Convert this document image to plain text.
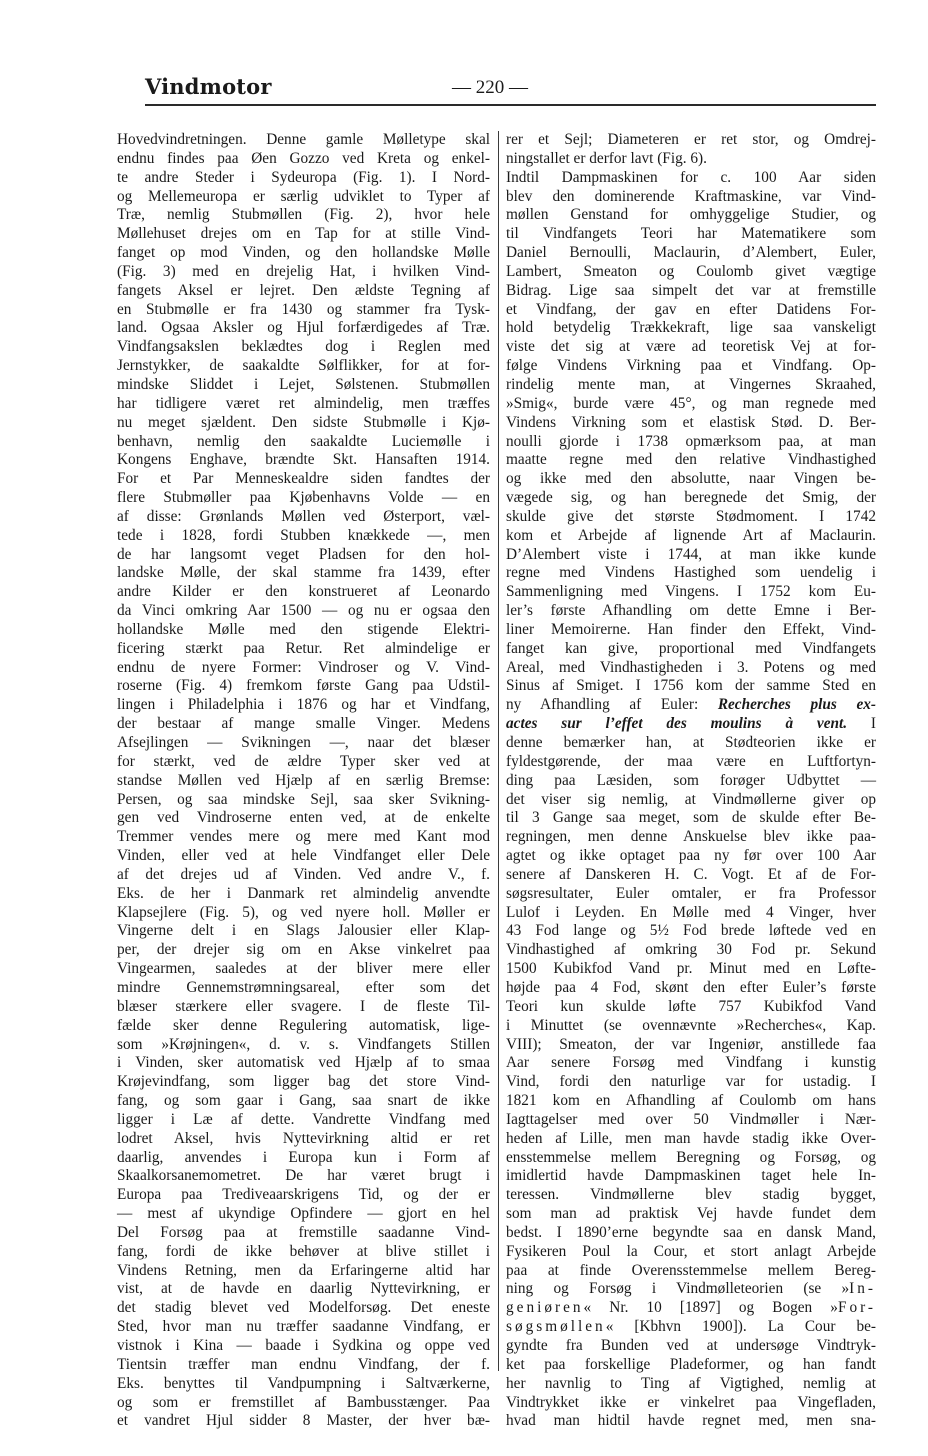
Vindmotor	— 220 —
Hovedvindretningen. Denne gamle Mølletype skal
endnu findes paa Øen Gozzo ved Kreta og enkel-
te andre Steder i Sydeuropa (Fig. 1). I Nord-
og Mellemeuropa er særlig udviklet to Typer af
Træ, nemlig Stubmøllen (Fig. 2), hvor hele
Møllehuset drejes om en Tap for at stille Vind-
fanget op mod Vinden, og den hollandske Mølle
(Fig. 3) med en drejelig Hat, i hvilken Vind-
fangets Aksel er lejret. Den ældste Tegning af
en Stubmølle er fra 1430 og stammer fra Tysk-
land. Ogsaa Aksler og Hjul forfærdigedes af Træ.
Vindfangsakslen beklædtes dog i Reglen med
Jernstykker, de saakaldte Sølflikker, for at for-
mindske Sliddet i Lejet, Sølstenen. Stubmøllen
har tidligere været ret almindelig, men træffes
nu meget sjældent. Den sidste Stubmølle i Kjø-
benhavn, nemlig den saakaldte Luciemølle i
Kongens Enghave, brændte Skt. Hansaften 1914.
For et Par Menneskealdre siden fandtes der
flere Stubmøller paa Kjøbenhavns Volde — en
af disse: Grønlands Møllen ved Østerport, væl-
tede i 1828, fordi Stubben knækkede —, men
de har langsomt veget Pladsen for den hol-
landske Mølle, der skal stamme fra 1439, efter
andre Kilder er den konstrueret af Leonardo
da Vinci omkring Aar 1500 — og nu er ogsaa den
hollandske Mølle med den stigende Elektri-
ficering stærkt paa Retur. Ret almindelige er
endnu de nyere Former: Vindroser og V. Vind-
roserne (Fig. 4) fremkom første Gang paa Udstil-
lingen i Philadelphia i 1876 og har et Vindfang,
der bestaar af mange smalle Vinger. Medens
Afsejlingen — Svikningen —, naar det blæser
for stærkt, ved de ældre Typer sker ved at
standse Møllen ved Hjælp af en særlig Bremse:
Persen, og saa mindske Sejl, saa sker Svikning-
gen ved Vindroserne enten ved, at de enkelte
Tremmer vendes mere og mere med Kant mod
Vinden, eller ved at hele Vindfanget eller Dele
af det drejes ud af Vinden. Ved andre V., f.
Eks. de her i Danmark ret almindelig anvendte
Klapsejlere (Fig. 5), og ved nyere holl. Møller er
Vingerne delt i en Slags Jalousier eller Klap-
per, der drejer sig om en Akse vinkelret paa
Vingearmen, saaledes at der bliver mere eller
mindre Gennemstrømningsareal, efter som det
blæser stærkere eller svagere. I de fleste Til-
fælde sker denne Regulering automatisk, lige-
som »Krøjningen«, d. v. s. Vindfangets Stillen
i Vinden, sker automatisk ved Hjælp af to smaa
Krøjevindfang, som ligger bag det store Vind-
fang, og som gaar i Gang, saa snart de ikke
ligger i Læ af dette. Vandrette Vindfang med
lodret Aksel, hvis Nyttevirkning altid er ret
daarlig, anvendes i Europa kun i Form af
Skaalkorsanemometret. De har været brugt i
Europa paa Trediveaarskrigens Tid, og der er
— mest af ukyndige Opfindere — gjort en hel
Del Forsøg paa at fremstille saadanne Vind-
fang, fordi de ikke behøver at blive stillet i
Vindens Retning, men da Erfaringerne altid har
vist, at de havde en daarlig Nyttevirkning, er
det stadig blevet ved Modelforsøg. Det eneste
Sted, hvor man nu træffer saadanne Vindfang, er
vistnok i Kina — baade i Sydkina og oppe ved
Tientsin træffer man endnu Vindfang, der f.
Eks. benyttes til Vandpumpning i Saltværkerne,
og som er fremstillet af Bambusstænger. Paa
et vandret Hjul sidder 8 Master, der hver bæ-
rer et Sejl; Diameteren er ret stor, og Omdrej-
ningstallet er derfor lavt (Fig. 6).
Indtil Dampmaskinen for c. 100 Aar siden
blev den dominerende Kraftmaskine, var Vind-
møllen Genstand for omhyggelige Studier, og
til Vindfangets Teori har Matematikere som
Daniel Bernoulli, Maclaurin, d’Alembert, Euler,
Lambert, Smeaton og Coulomb givet vægtige
Bidrag. Lige saa simpelt det var at fremstille
et Vindfang, der gav en efter Datidens For-
hold betydelig Trækkekraft, lige saa vanskeligt
viste det sig at være ad teoretisk Vej at for-
følge Vindens Virkning paa et Vindfang. Op-
rindelig mente man, at Vingernes Skraahed,
»Smig«, burde være 45°, og man regnede med
Vindens Virkning som et elastisk Stød. D. Ber-
noulli gjorde i 1738 opmærksom paa, at man
maatte regne med den relative Vindhastighed
og ikke med den absolutte, naar Vingen be-
vægede sig, og han beregnede det Smig, der
skulde give det største Stødmoment. I 1742
kom et Arbejde af lignende Art af Maclaurin.
D’Alembert viste i 1744, at man ikke kunde
regne med Vindens Hastighed som uendelig i
Sammenligning med Vingens. I 1752 kom Eu-
ler’s første Afhandling om dette Emne i Ber-
liner Memoirerne. Han finder den Effekt, Vind-
fanget kan give, proportional med Vindfangets
Areal, med Vindhastigheden i 3. Potens og med
Sinus af Smiget. I 1756 kom der samme Sted en
ny Afhandling af Euler: Recherches plus ex-
actes sur l’effet des moulins à vent. I
denne bemærker han, at Stødteorien ikke er
fyldestgørende, der maa være en Luftfortyn-
ding paa Læsiden, som forøger Udbyttet —
det viser sig nemlig, at Vindmøllerne giver op
til 3 Gange saa meget, som de skulde efter Be-
regningen, men denne Anskuelse blev ikke paa-
agtet og ikke optaget paa ny før over 100 Aar
senere af Danskeren H. C. Vogt. Et af de For-
søgsresultater, Euler omtaler, er fra Professor
Lulof i Leyden. En Mølle med 4 Vinger, hver
43 Fod lange og 5½ Fod brede løftede ved en
Vindhastighed af omkring 30 Fod pr. Sekund
1500 Kubikfod Vand pr. Minut med en Løfte-
højde paa 4 Fod, skønt den efter Euler’s første
Teori kun skulde løfte 757 Kubikfod Vand
i Minuttet (se ovennævnte »Recherches«, Kap.
VIII); Smeaton, der var Ingeniør, anstillede faa
Aar senere Forsøg med Vindfang i kunstig
Vind, fordi den naturlige var for ustadig. I
1821 kom en Afhandling af Coulomb om hans
Iagttagelser med over 50 Vindmøller i Nær-
heden af Lille, men man havde stadig ikke Over-
ensstemmelse mellem Beregning og Forsøg, og
imidlertid havde Dampmaskinen taget hele In-
teressen. Vindmøllerne blev stadig bygget,
som man ad praktisk Vej havde fundet dem
bedst. I 1890’erne begyndte saa en dansk Mand,
Fysikeren Poul la Cour, et stort anlagt Arbejde
paa at finde Overensstemmelse mellem Bereg-
ning og Forsøg i Vindmølleteorien (se »In-
geniøren« Nr. 10 [1897] og Bogen »For-
søgsmøllen« [Kbhvn 1900]). La Cour be-
gyndte fra Bunden ved at undersøge Vindtryk-
ket paa forskellige Pladeformer, og han fandt
her navnlig to Ting af Vigtighed, nemlig at
Vindtrykket ikke er vinkelret paa Vingefladen,
hvad man hidtil havde regnet med, men sna-
